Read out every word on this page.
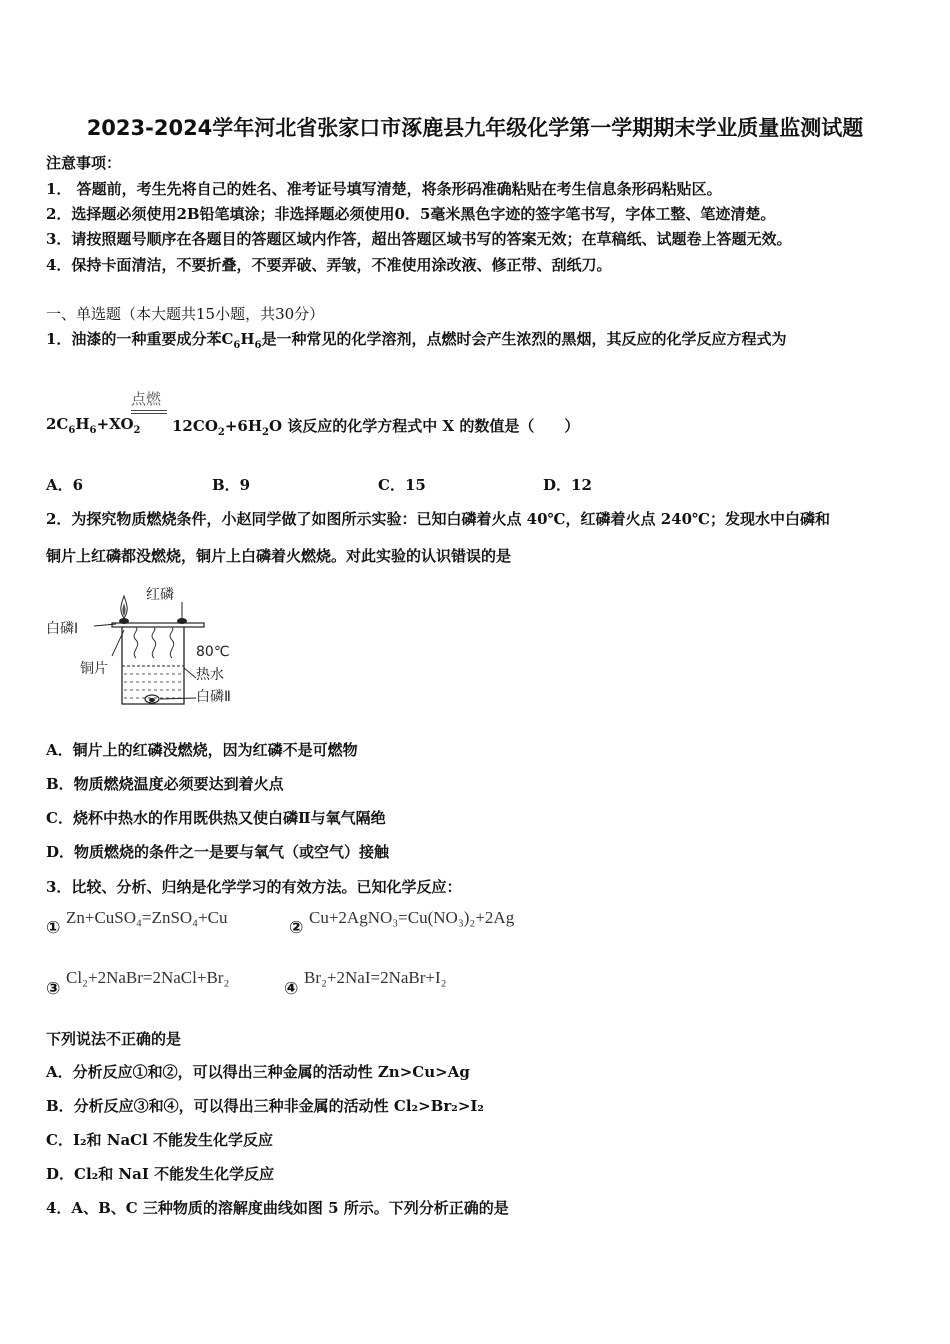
2023-2024学年河北省张家口市涿鹿县九年级化学第一学期期末学业质量监测试题
注意事项：
1． 答题前，考生先将自己的姓名、准考证号填写清楚，将条形码准确粘贴在考生信息条形码粘贴区。
2．选择题必须使用2B铅笔填涂；非选择题必须使用0．5毫米黑色字迹的签字笔书写，字体工整、笔迹清楚。
3．请按照题号顺序在各题目的答题区域内作答，超出答题区域书写的答案无效；在草稿纸、试题卷上答题无效。
4．保持卡面清洁，不要折叠，不要弄破、弄皱，不准使用涂改液、修正带、刮纸刀。
一、单选题（本大题共15小题，共30分）
1．油漆的一种重要成分苯$C_6H_6$是一种常见的化学溶剂，点燃时会产生浓烈的黑烟，其反应的化学反应方程式为
点燃
$2C_6H_6+XO_2$ $12CO_2+6H_2O$ 该反应的化学方程式中 X 的数值是（　　）
A．6	B．9	C．15	D．12
2．为探究物质燃烧条件，小赵同学做了如图所示实验：已知白磷着火点 40℃，红磷着火点 240℃；发现水中白磷和
铜片上红磷都没燃烧，铜片上白磷着火燃烧。对此实验的认识错误的是
红磷
白磷Ⅰ
铜片
80℃
热水
白磷Ⅱ
A．铜片上的红磷没燃烧，因为红磷不是可燃物
B．物质燃烧温度必须要达到着火点
C．烧杯中热水的作用既供热又使白磷Ⅱ与氧气隔绝
D．物质燃烧的条件之一是要与氧气（或空气）接触
3．比较、分析、归纳是化学学习的有效方法。已知化学反应：
①
Zn+CuSO₄=ZnSO₄+Cu
②
Cu+2AgNO₃=Cu(NO₃)₂+2Ag
③
Cl₂+2NaBr=2NaCl+Br₂
④
Br₂+2NaI=2NaBr+I₂
下列说法不正确的是
A．分析反应①和②，可以得出三种金属的活动性 Zn>Cu>Ag
B．分析反应③和④，可以得出三种非金属的活动性 Cl₂>Br₂>I₂
C．I₂和 NaCl 不能发生化学反应
D．Cl₂和 NaI 不能发生化学反应
4．A、B、C 三种物质的溶解度曲线如图 5 所示。下列分析正确的是
